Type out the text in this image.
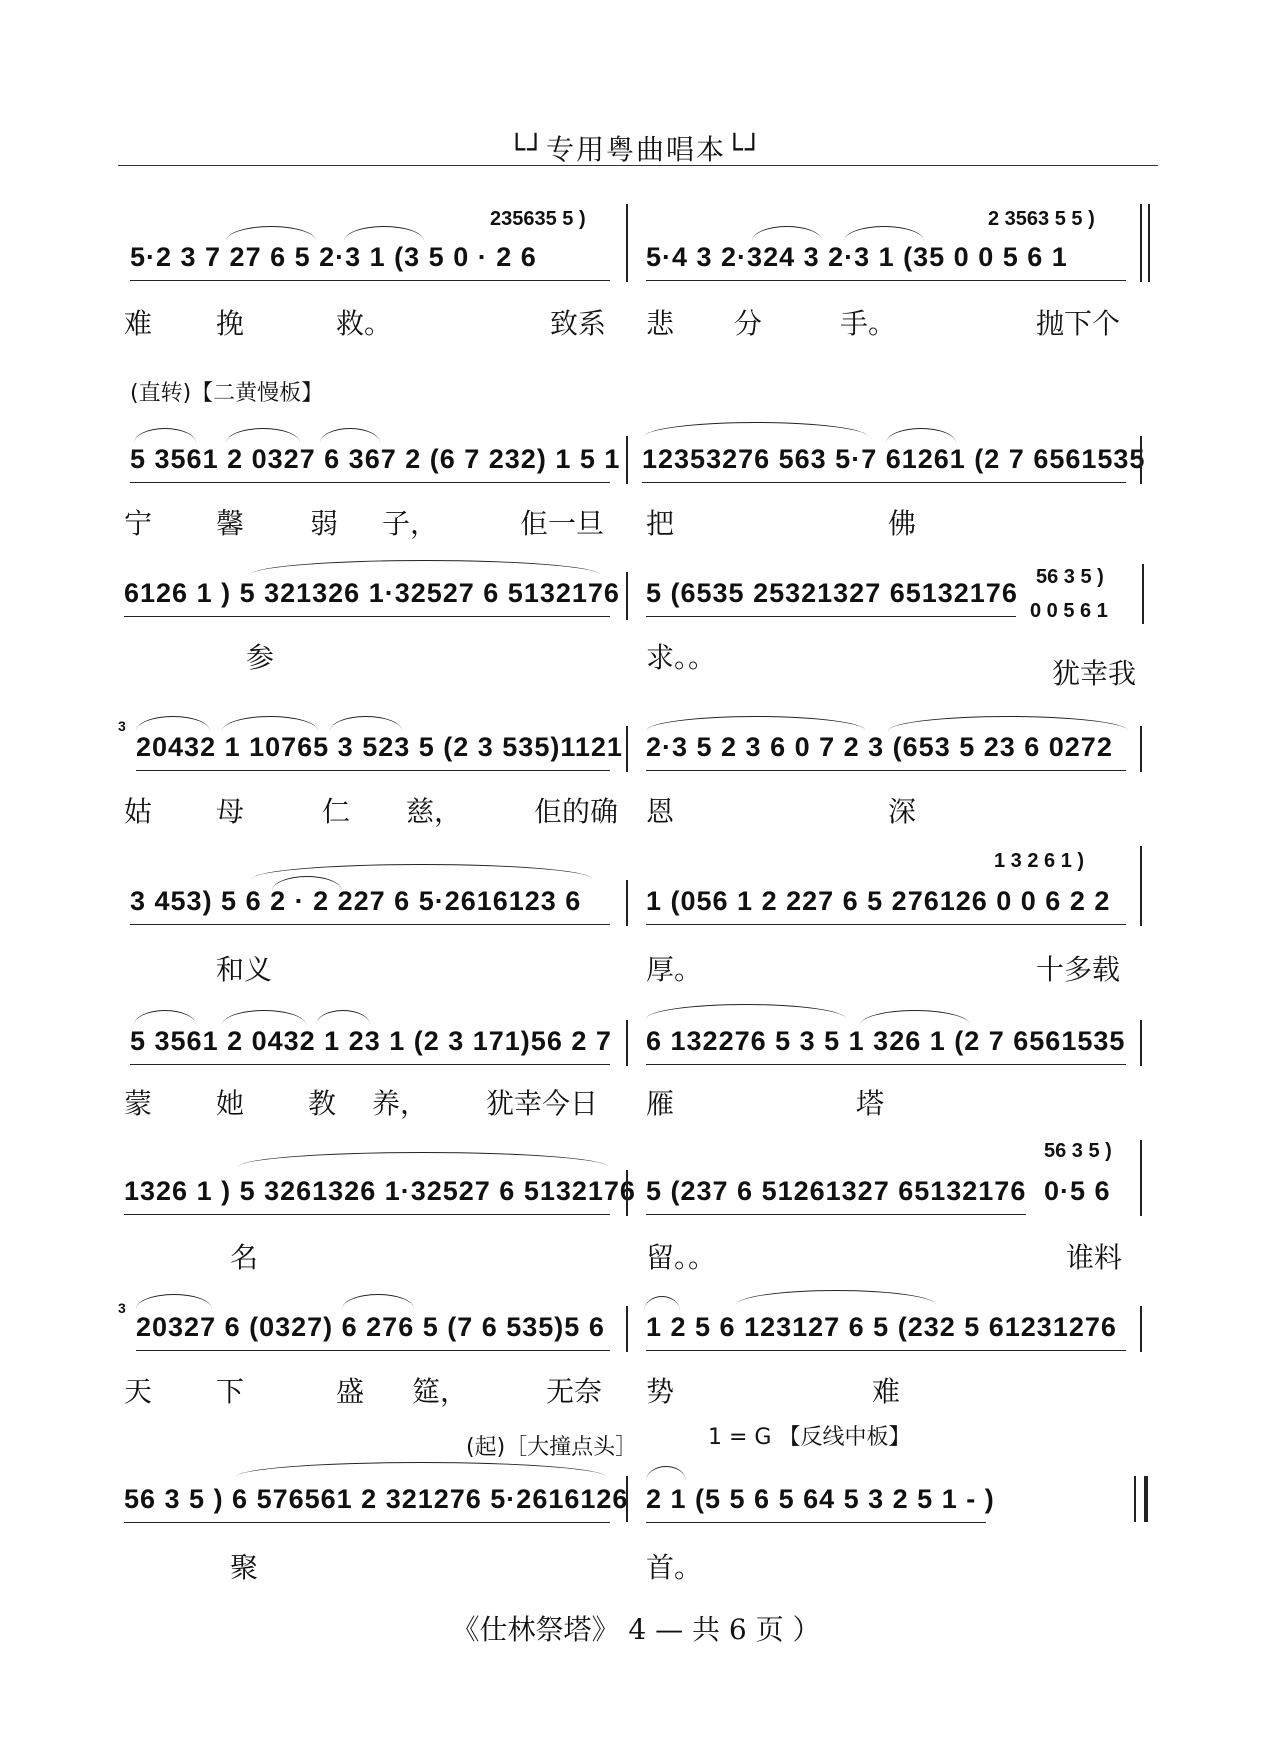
└┘专用粤曲唱本└┘
235635 5 )	2 3563 5 5 )
5·2 3 7 27 6 5 2·3 1 (3 5 0 · 2 6	5·4 3 2·324 3 2·3 1 (35 0 0 5 6 1
难 挽	救。	致系 悲 分	手。	抛下个
(直转)【二黄慢板】
5 3561 2 0327 6 367 2 (6 7 232) 1 5 1 12353276 563 5·7 61261 (2 7 6561535
宁 馨 弱 子，	佢一旦 把	佛
6126 1 ) 5 321326 1·32527 6 5132176 5 (6535 25321327 65132176
56 3 5 )
0 0 5 6 1
参	求。。	犹幸我
3
20432 1 10765 3 523 5 (2 3 535)1121 2·3 5 2 3 6 0 7 2 3 (653 5 23 6 0272
姑 母	仁 慈，	佢的确 恩	深
1 3 2 6 1 )
3 453) 5 6 2 · 2 227 6 5·2616123 6 1 (056 1 2 227 6 5 276126 0 0 6 2 2
和义	厚。	十多载
5 3561 2 0432 1 23 1 (2 3 171)56 2 7 6 132276 5 3 5 1 326 1 (2 7 6561535
蒙 她 教 养， 犹幸今日 雁	塔
1326 1 ) 5 3261326 1·32527 6 5132176 5 (237 6 51261327 65132176
56 3 5 )
0·5 6
名	留。。	谁料
3
20327 6 (0327) 6 276 5 (7 6 535)5 6 1 2 5 6 123127 6 5 (232 5 61231276
天 下	盛 筵，	无奈 势	难
(起)［大撞点头］	1 = G 【反线中板】
56 3 5 ) 6 576561 2 321276 5·2616126 2 1 (5 5 6 5 64 5 3 2 5 1 - )
聚	首。
《仕林祭塔》 4 — 共 6 页 ）
